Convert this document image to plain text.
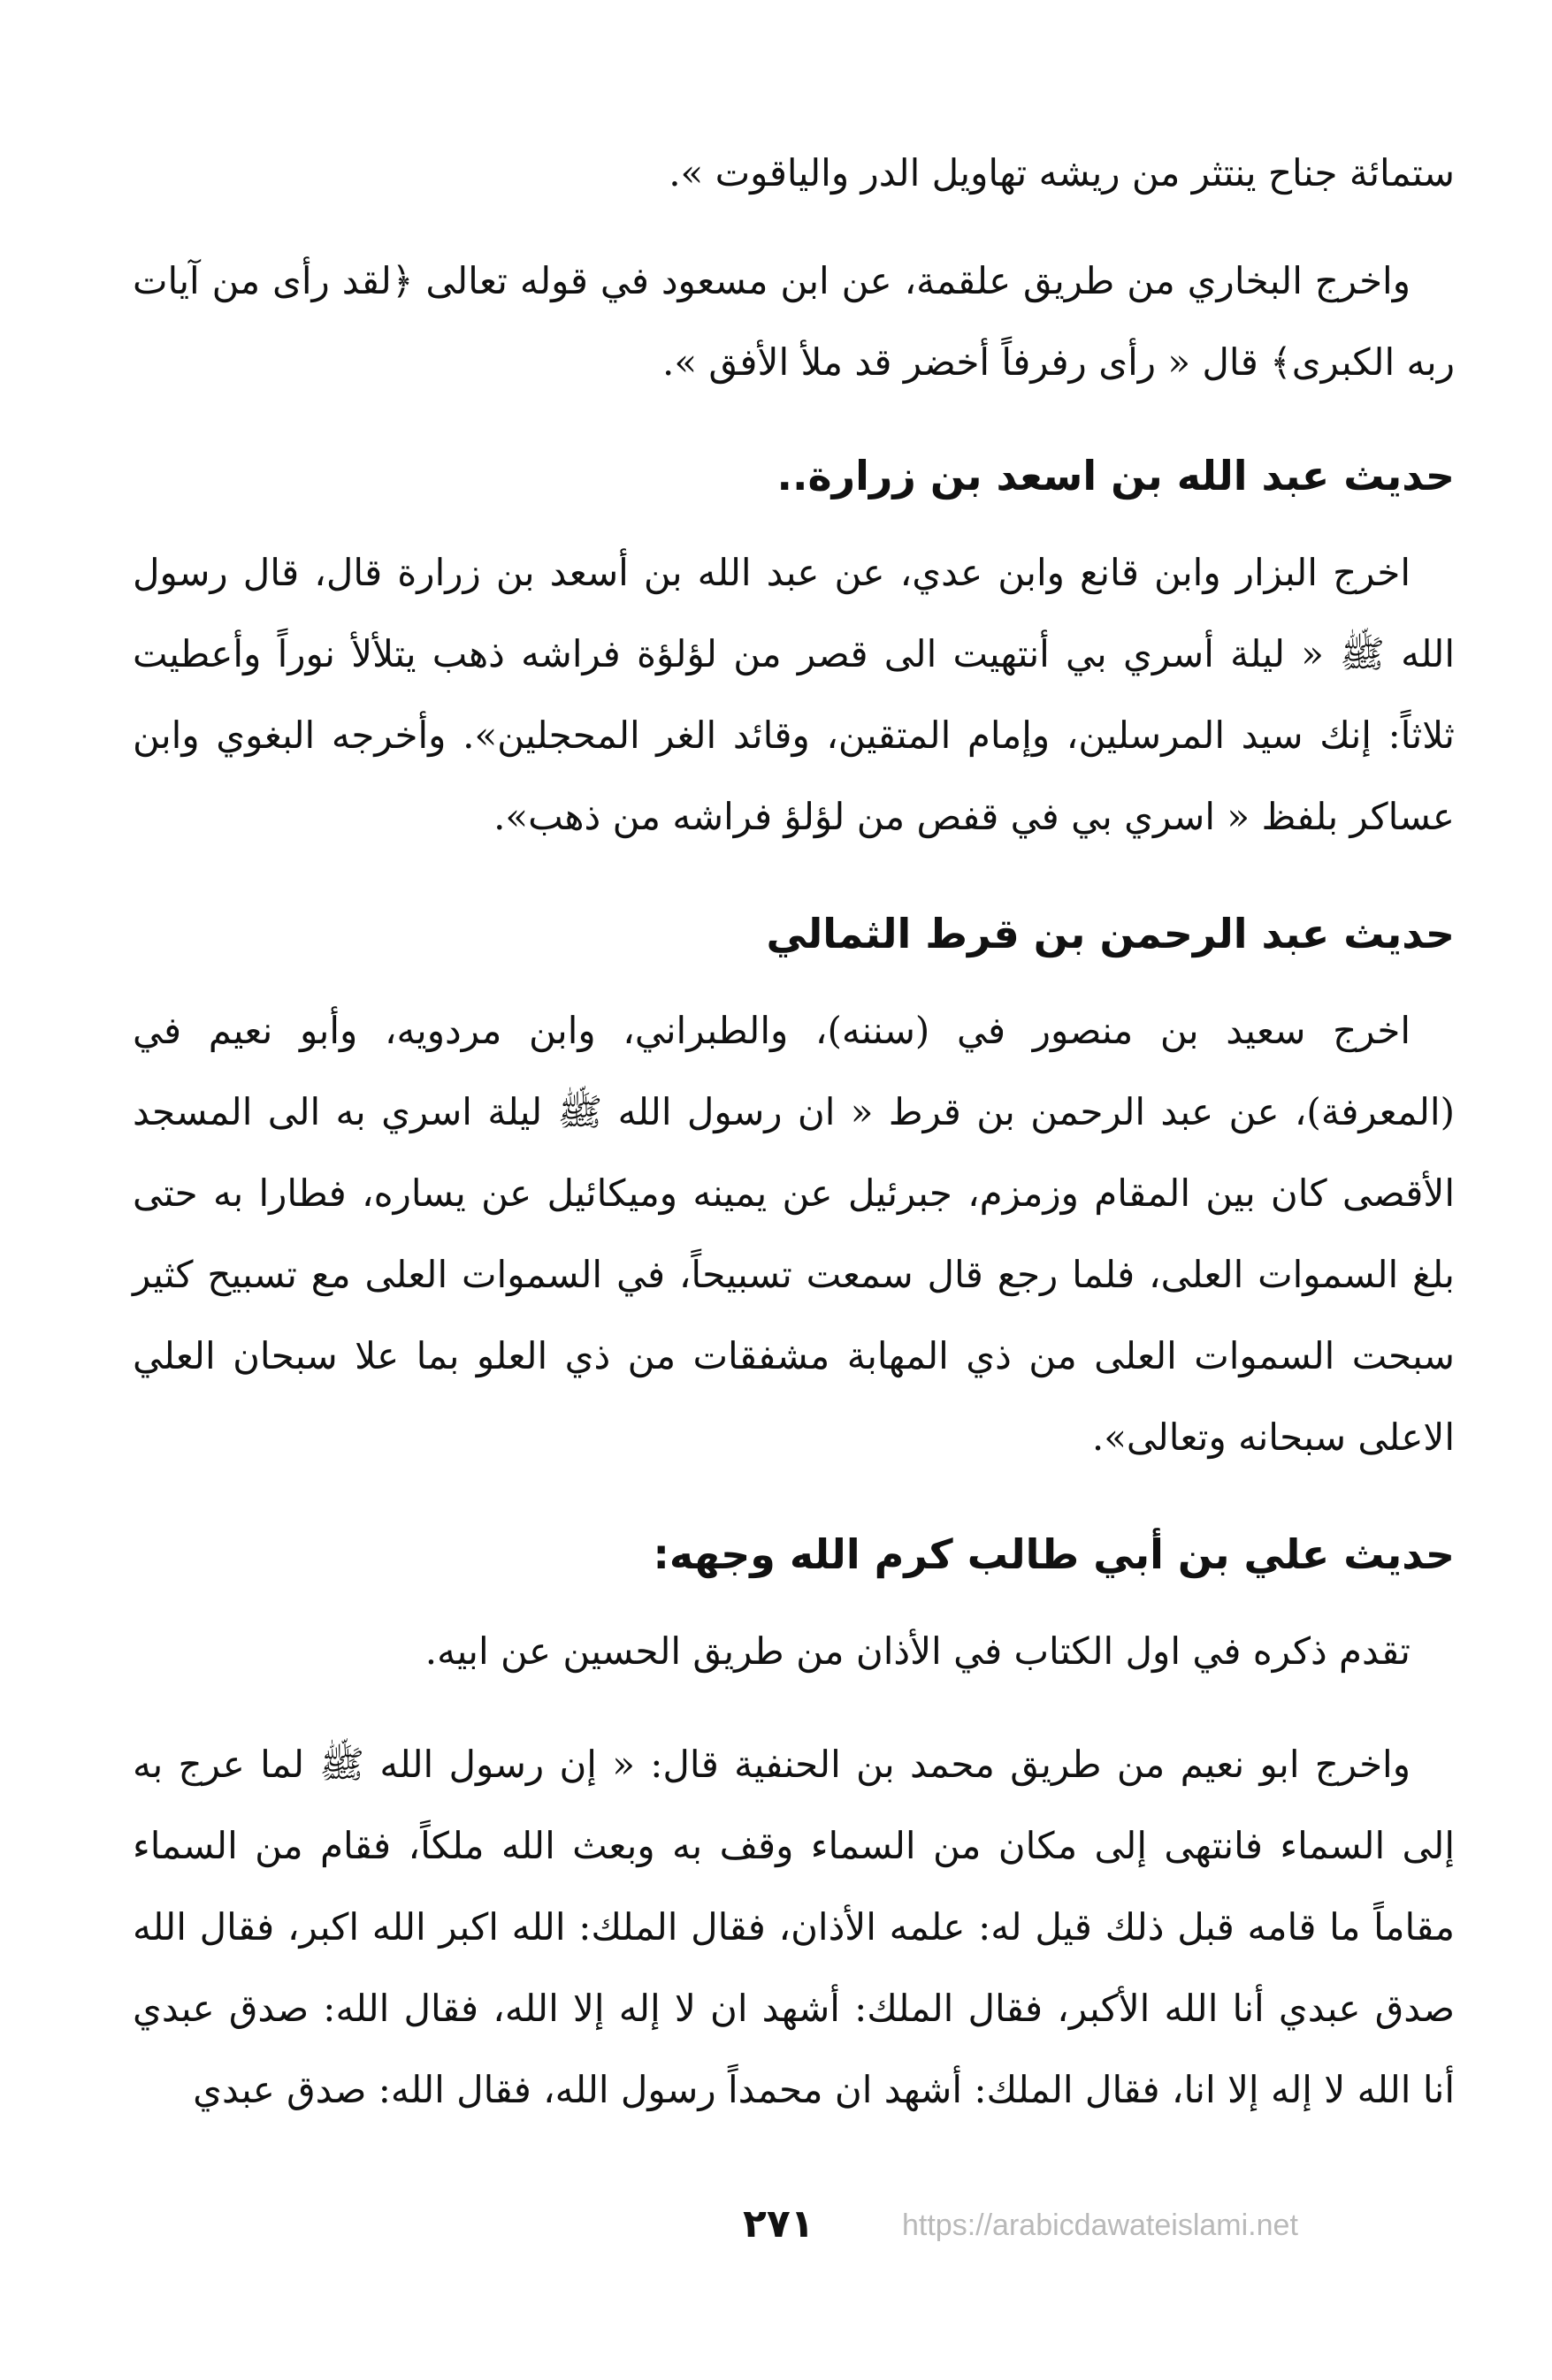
ستمائة جناح ينتثر من ريشه تهاويل الدر والياقوت ».

واخرج البخاري من طريق علقمة، عن ابن مسعود في قوله تعالى ﴿لقد رأى من آيات ربه الكبرى﴾ قال « رأى رفرفاً أخضر قد ملأ الأفق ».

حديث عبد الله بن اسعد بن زرارة..

اخرج البزار وابن قانع وابن عدي، عن عبد الله بن أسعد بن زرارة قال، قال رسول الله ﷺ « ليلة أسري بي أنتهيت الى قصر من لؤلؤة فراشه ذهب يتلألأ نوراً وأعطيت ثلاثاً: إنك سيد المرسلين، وإمام المتقين، وقائد الغر المحجلين». وأخرجه البغوي وابن عساكر بلفظ « اسري بي في قفص من لؤلؤ فراشه من ذهب».

حديث عبد الرحمن بن قرط الثمالي

اخرج سعيد بن منصور في (سننه)، والطبراني، وابن مردويه، وأبو نعيم في (المعرفة)، عن عبد الرحمن بن قرط « ان رسول الله ﷺ ليلة اسري به الى المسجد الأقصى كان بين المقام وزمزم، جبرئيل عن يمينه وميكائيل عن يساره، فطارا به حتى بلغ السموات العلى، فلما رجع قال سمعت تسبيحاً، في السموات العلى مع تسبيح كثير سبحت السموات العلى من ذي المهابة مشفقات من ذي العلو بما علا سبحان العلي الاعلى سبحانه وتعالى».

حديث علي بن أبي طالب كرم الله وجهه:

تقدم ذكره في اول الكتاب في الأذان من طريق الحسين عن ابيه.

واخرج ابو نعيم من طريق محمد بن الحنفية قال: « إن رسول الله ﷺ لما عرج به إلى السماء فانتهى إلى مكان من السماء وقف به وبعث الله ملكاً، فقام من السماء مقاماً ما قامه قبل ذلك قيل له: علمه الأذان، فقال الملك: الله اكبر الله اكبر، فقال الله صدق عبدي أنا الله الأكبر، فقال الملك: أشهد ان لا إله إلا الله، فقال الله: صدق عبدي أنا الله لا إله إلا انا، فقال الملك: أشهد ان محمداً رسول الله، فقال الله: صدق عبدي

٢٧١	https://arabicdawateislami.net
